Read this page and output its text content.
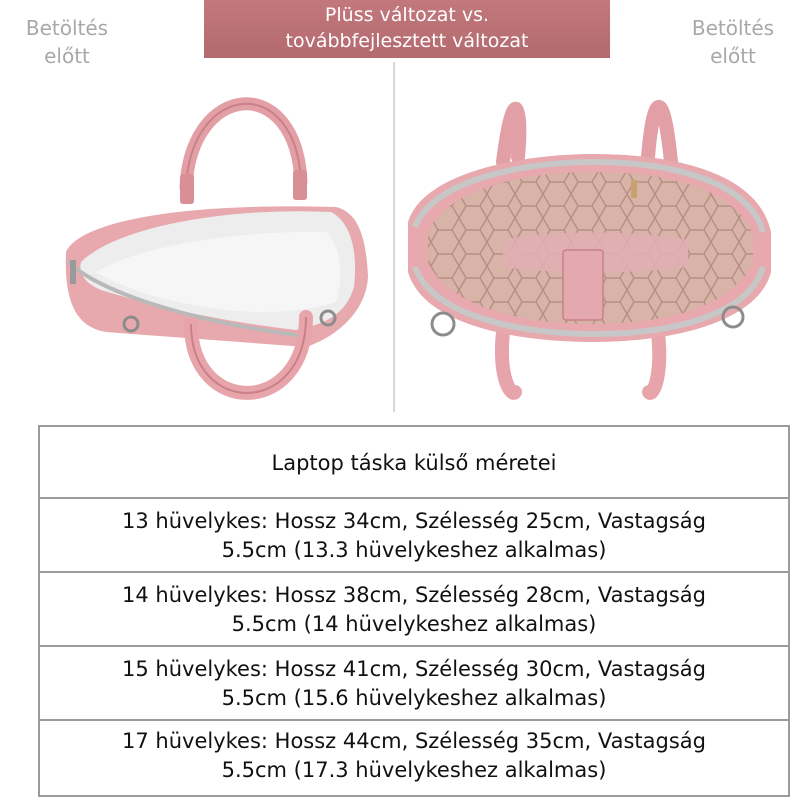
Betöltés
előtt
Plüss változat vs.
továbbfejlesztett változat
Betöltés
előtt
Laptop táska külső méretei
13 hüvelykes: Hossz 34cm, Szélesség 25cm, Vastagság
5.5cm (13.3 hüvelykeshez alkalmas)
14 hüvelykes: Hossz 38cm, Szélesség 28cm, Vastagság
5.5cm (14 hüvelykeshez alkalmas)
15 hüvelykes: Hossz 41cm, Szélesség 30cm, Vastagság
5.5cm (15.6 hüvelykeshez alkalmas)
17 hüvelykes: Hossz 44cm, Szélesség 35cm, Vastagság
5.5cm (17.3 hüvelykeshez alkalmas)
